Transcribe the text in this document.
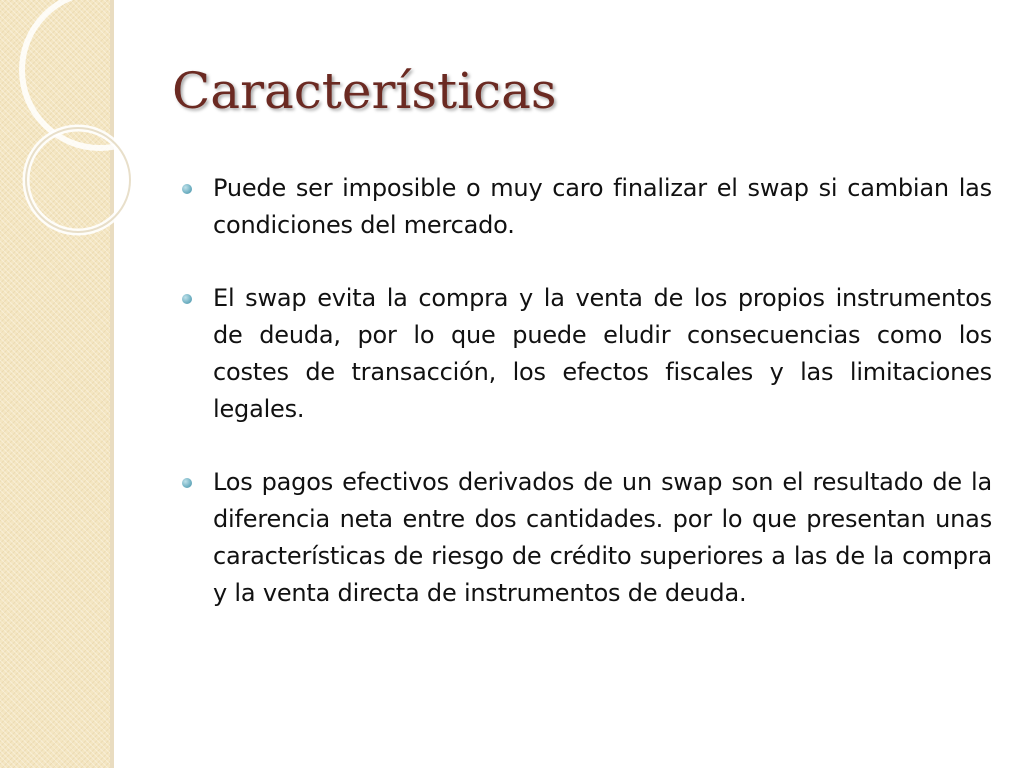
Características
Puede ser imposible o muy caro finalizar el swap si cambian las condiciones del mercado.
El swap evita la compra y la venta de los propios instrumentos de deuda, por lo que puede eludir consecuencias como los costes de transacción, los efectos fiscales y las limitaciones legales.
Los pagos efectivos derivados de un swap son el resultado de la diferencia neta entre dos cantidades. por lo que presentan unas características de riesgo de crédito superiores a las de la compra y la venta directa de instrumentos de deuda.
